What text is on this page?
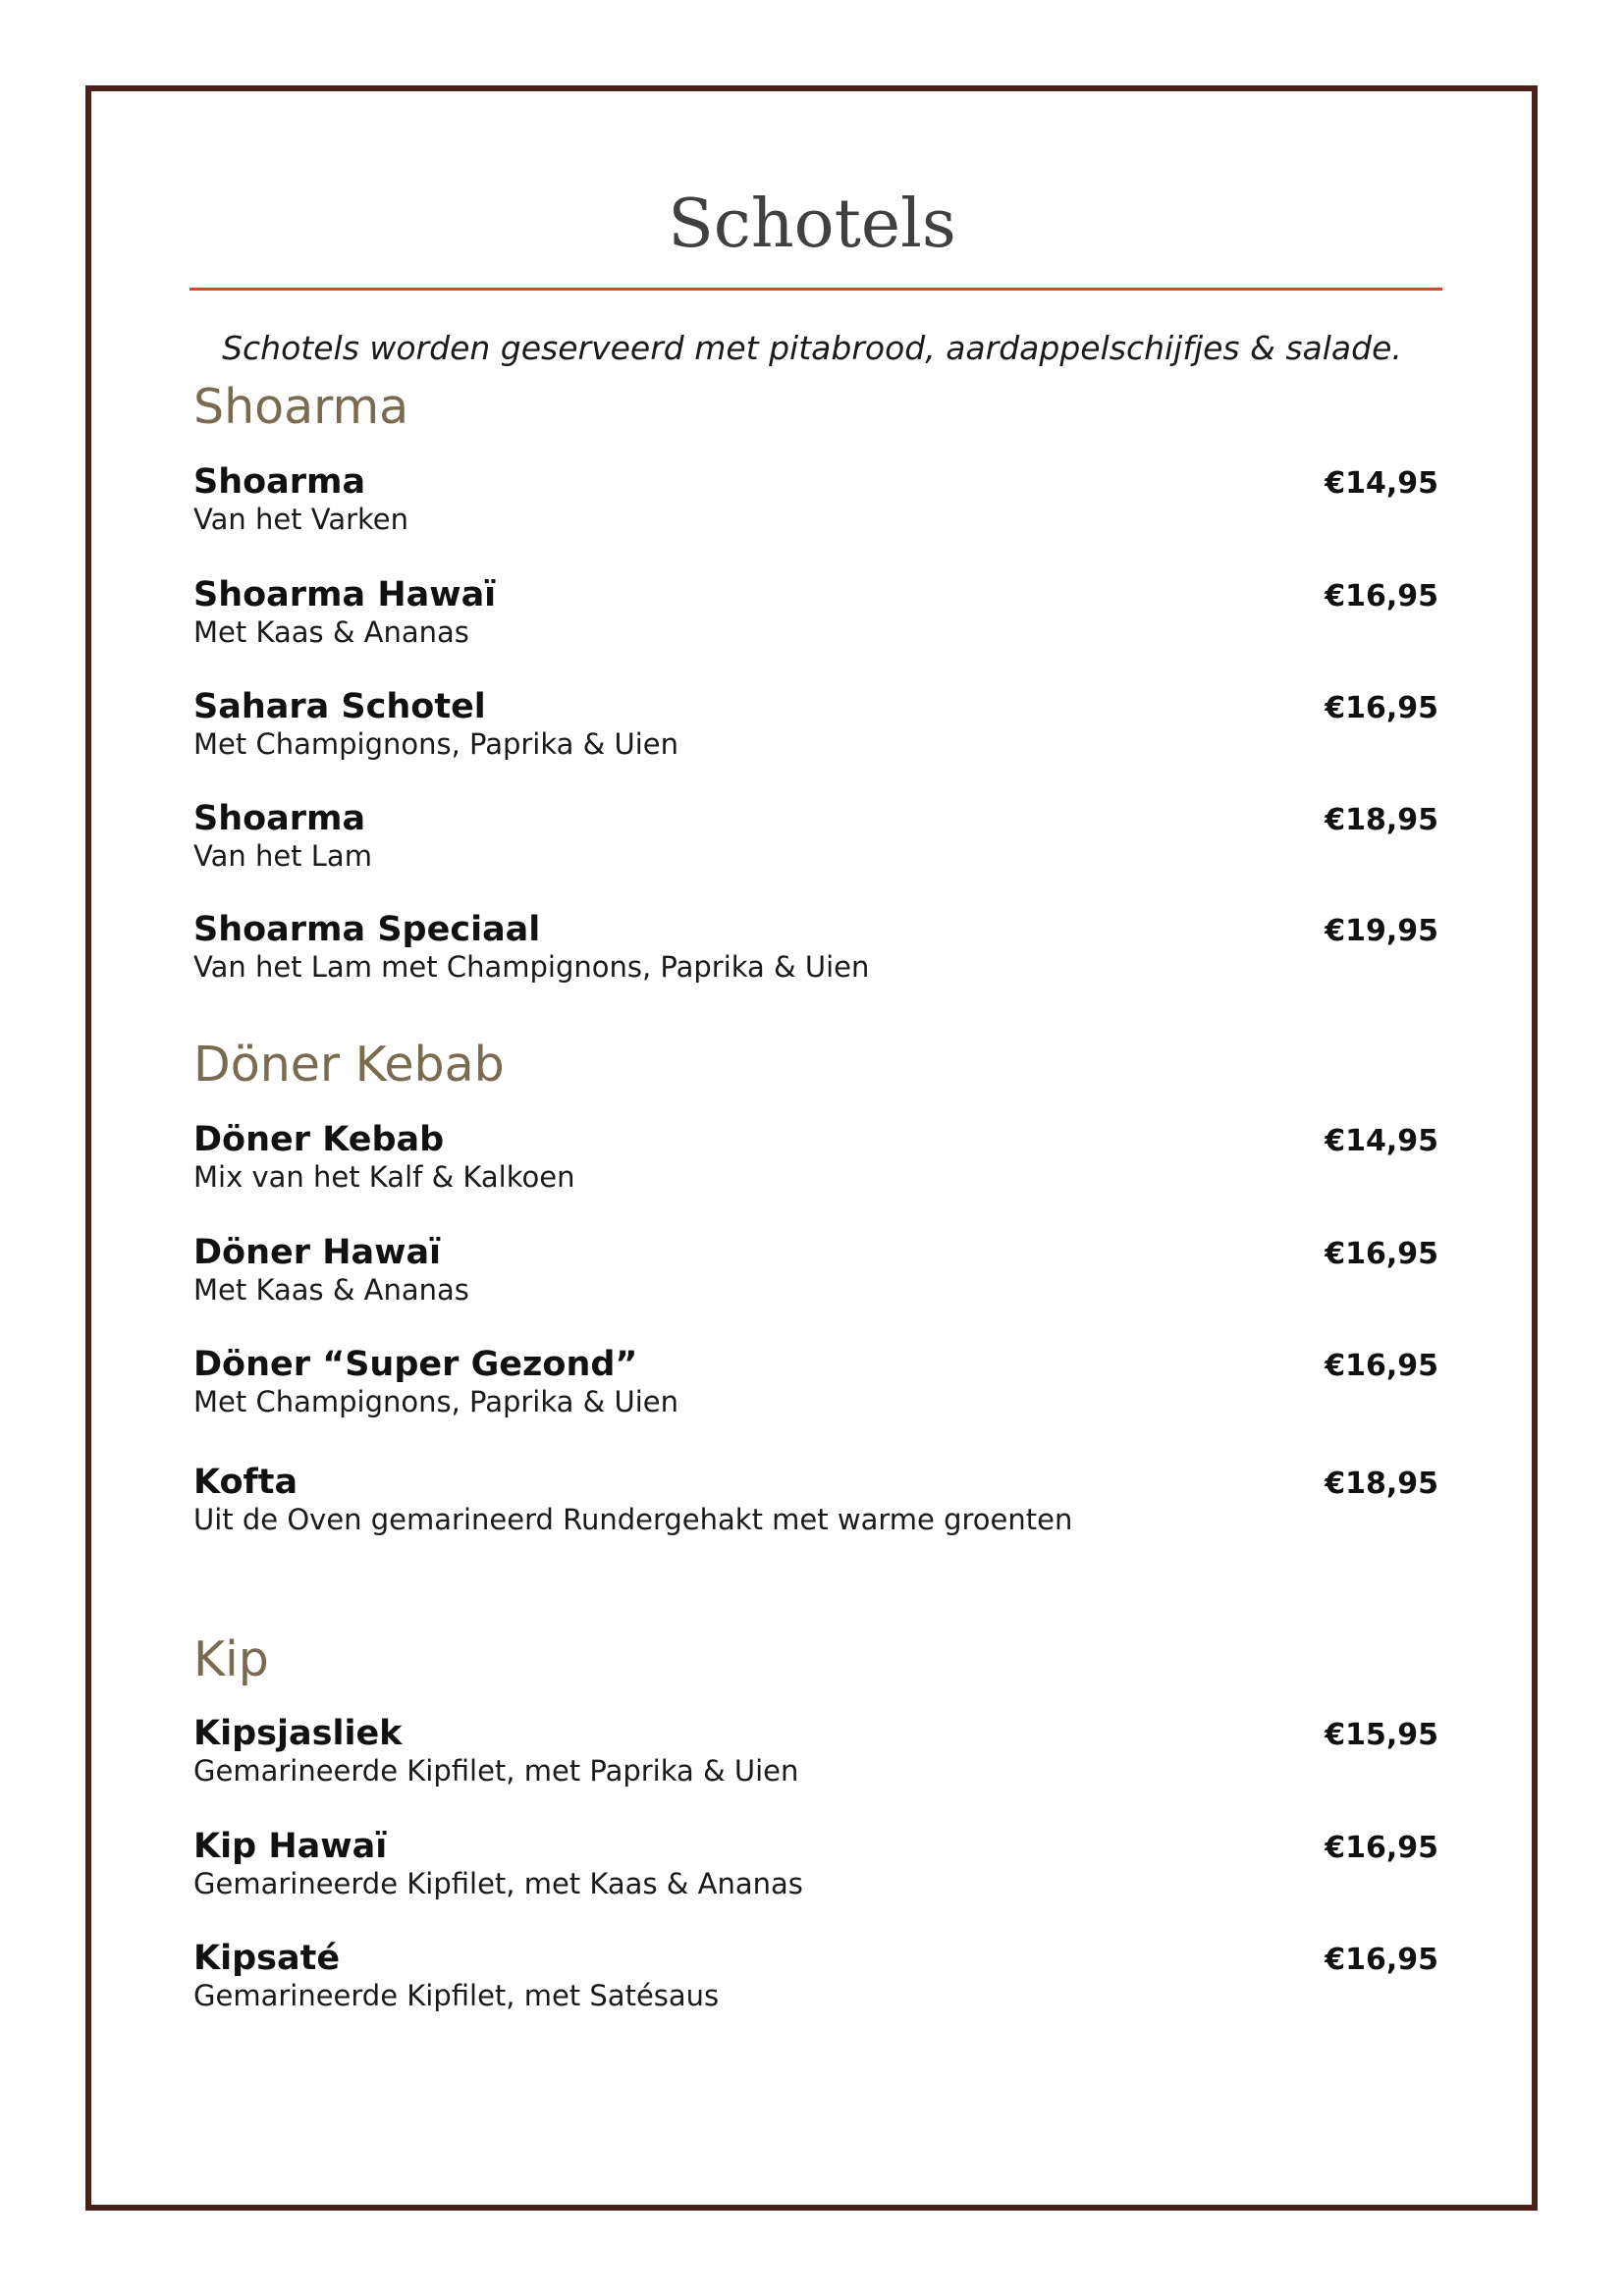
Schotels
Schotels worden geserveerd met pitabrood, aardappelschijfjes & salade.
Shoarma
Shoarma	€14,95
Van het Varken
Shoarma Hawaï	€16,95
Met Kaas & Ananas
Sahara Schotel	€16,95
Met Champignons, Paprika & Uien
Shoarma	€18,95
Van het Lam
Shoarma Speciaal	€19,95
Van het Lam met Champignons, Paprika & Uien
Döner Kebab
Döner Kebab	€14,95
Mix van het Kalf & Kalkoen
Döner Hawaï	€16,95
Met Kaas & Ananas
Döner “Super Gezond”	€16,95
Met Champignons, Paprika & Uien
Kofta	€18,95
Uit de Oven gemarineerd Rundergehakt met warme groenten
Kip
Kipsjasliek	€15,95
Gemarineerde Kipfilet, met Paprika & Uien
Kip Hawaï	€16,95
Gemarineerde Kipfilet, met Kaas & Ananas
Kipsaté	€16,95
Gemarineerde Kipfilet, met Satésaus
